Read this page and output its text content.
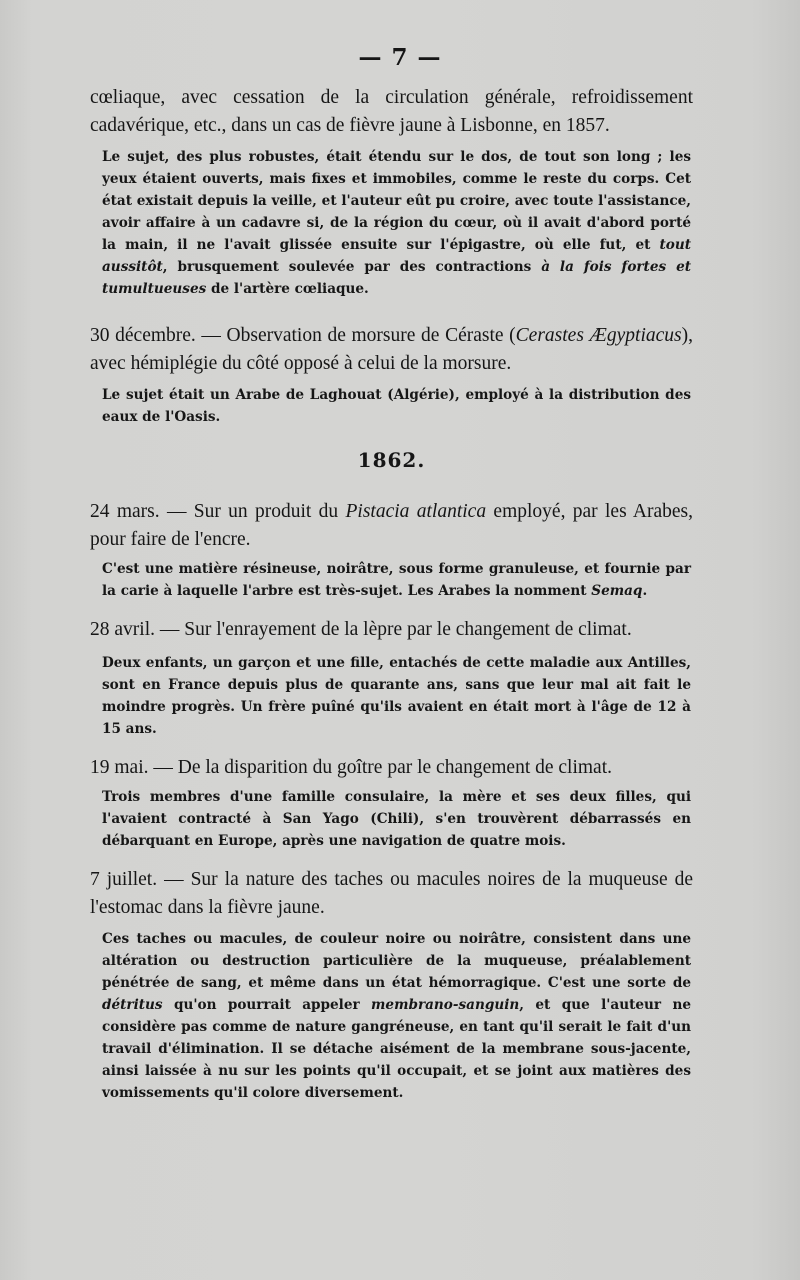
— 7 —

cœliaque, avec cessation de la circulation générale, refroidissement cadavérique, etc., dans un cas de fièvre jaune à Lisbonne, en 1857.

Le sujet, des plus robustes, était étendu sur le dos, de tout son long ; les yeux étaient ouverts, mais fixes et immobiles, comme le reste du corps. Cet état existait depuis la veille, et l'auteur eût pu croire, avec toute l'assistance, avoir affaire à un cadavre si, de la région du cœur, où il avait d'abord porté la main, il ne l'avait glissée ensuite sur l'épigastre, où elle fut, et tout aussitôt, brusquement soulevée par des contractions à la fois fortes et tumultueuses de l'artère cœliaque.

30 décembre. — Observation de morsure de Céraste (Cerastes Ægyptiacus), avec hémiplégie du côté opposé à celui de la morsure.

Le sujet était un Arabe de Laghouat (Algérie), employé à la distribution des eaux de l'Oasis.

1862.

24 mars. — Sur un produit du Pistacia atlantica employé, par les Arabes, pour faire de l'encre.

C'est une matière résineuse, noirâtre, sous forme granuleuse, et fournie par la carie à laquelle l'arbre est très-sujet. Les Arabes la nomment Semaq.

28 avril. — Sur l'enrayement de la lèpre par le changement de climat.

Deux enfants, un garçon et une fille, entachés de cette maladie aux Antilles, sont en France depuis plus de quarante ans, sans que leur mal ait fait le moindre progrès. Un frère puîné qu'ils avaient en était mort à l'âge de 12 à 15 ans.

19 mai. — De la disparition du goître par le changement de climat.

Trois membres d'une famille consulaire, la mère et ses deux filles, qui l'avaient contracté à San Yago (Chili), s'en trouvèrent débarrassés en débarquant en Europe, après une navigation de quatre mois.

7 juillet. — Sur la nature des taches ou macules noires de la muqueuse de l'estomac dans la fièvre jaune.

Ces taches ou macules, de couleur noire ou noirâtre, consistent dans une altération ou destruction particulière de la muqueuse, préalablement pénétrée de sang, et même dans un état hémorragique. C'est une sorte de détritus qu'on pourrait appeler membrano-sanguin, et que l'auteur ne considère pas comme de nature gangréneuse, en tant qu'il serait le fait d'un travail d'élimination. Il se détache aisément de la membrane sous-jacente, ainsi laissée à nu sur les points qu'il occupait, et se joint aux matières des vomissements qu'il colore diversement.
